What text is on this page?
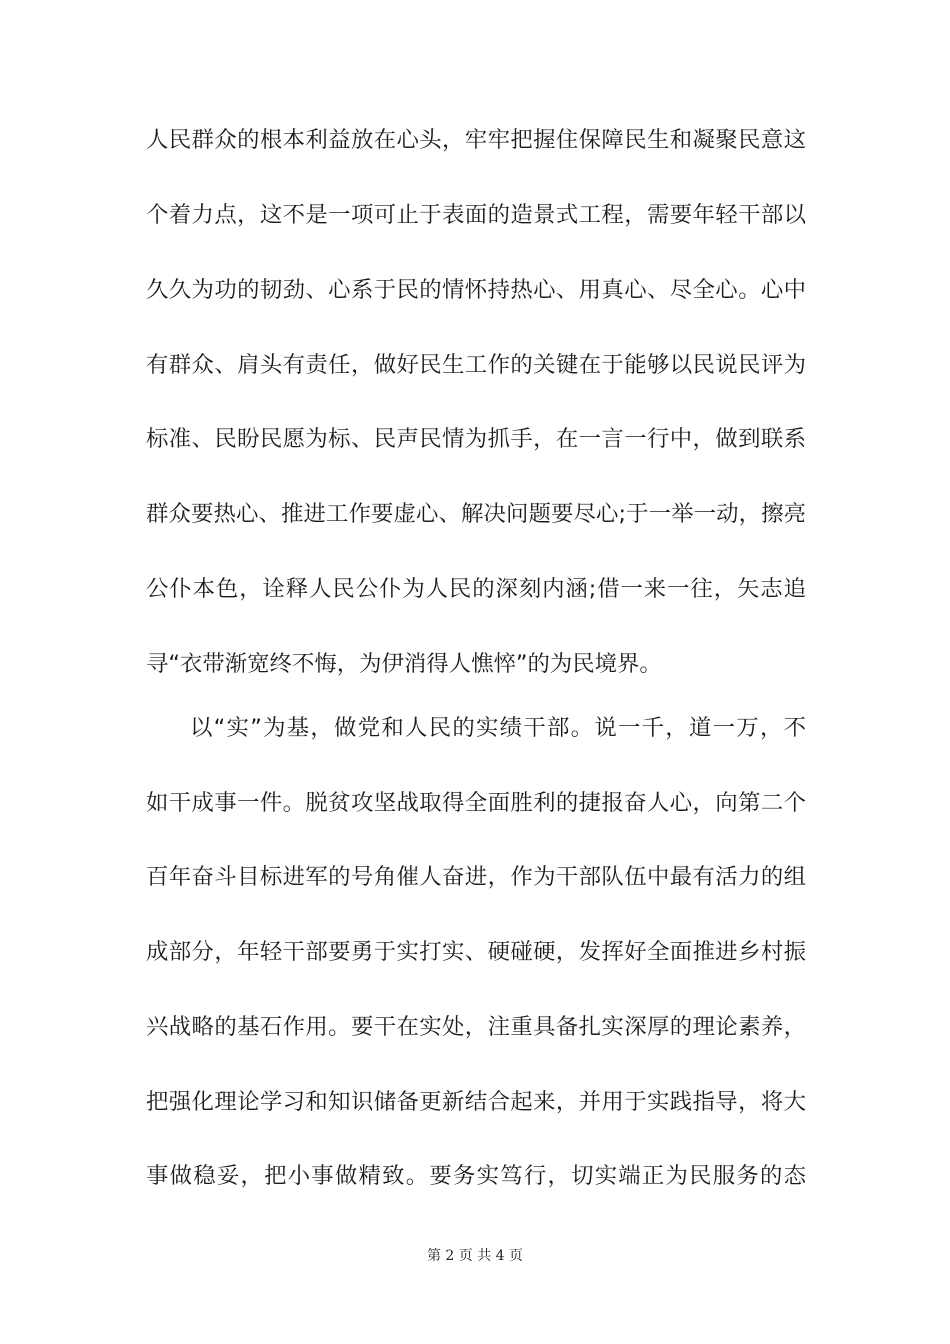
人民群众的根本利益放在心头，牢牢把握住保障民生和凝聚民意这
个着力点，这不是一项可止于表面的造景式工程，需要年轻干部以
久久为功的韧劲、心系于民的情怀持热心、用真心、尽全心。心中
有群众、肩头有责任，做好民生工作的关键在于能够以民说民评为
标准、民盼民愿为标、民声民情为抓手，在一言一行中，做到联系
群众要热心、推进工作要虚心、解决问题要尽心;于一举一动，擦亮
公仆本色，诠释人民公仆为人民的深刻内涵;借一来一往，矢志追
寻“衣带渐宽终不悔，为伊消得人憔悴”的为民境界。
以“实”为基，做党和人民的实绩干部。说一千，道一万，不
如干成事一件。脱贫攻坚战取得全面胜利的捷报奋人心，向第二个
百年奋斗目标进军的号角催人奋进，作为干部队伍中最有活力的组
成部分，年轻干部要勇于实打实、硬碰硬，发挥好全面推进乡村振
兴战略的基石作用。要干在实处，注重具备扎实深厚的理论素养，
把强化理论学习和知识储备更新结合起来，并用于实践指导，将大
事做稳妥，把小事做精致。要务实笃行，切实端正为民服务的态
第 2 页 共 4 页
